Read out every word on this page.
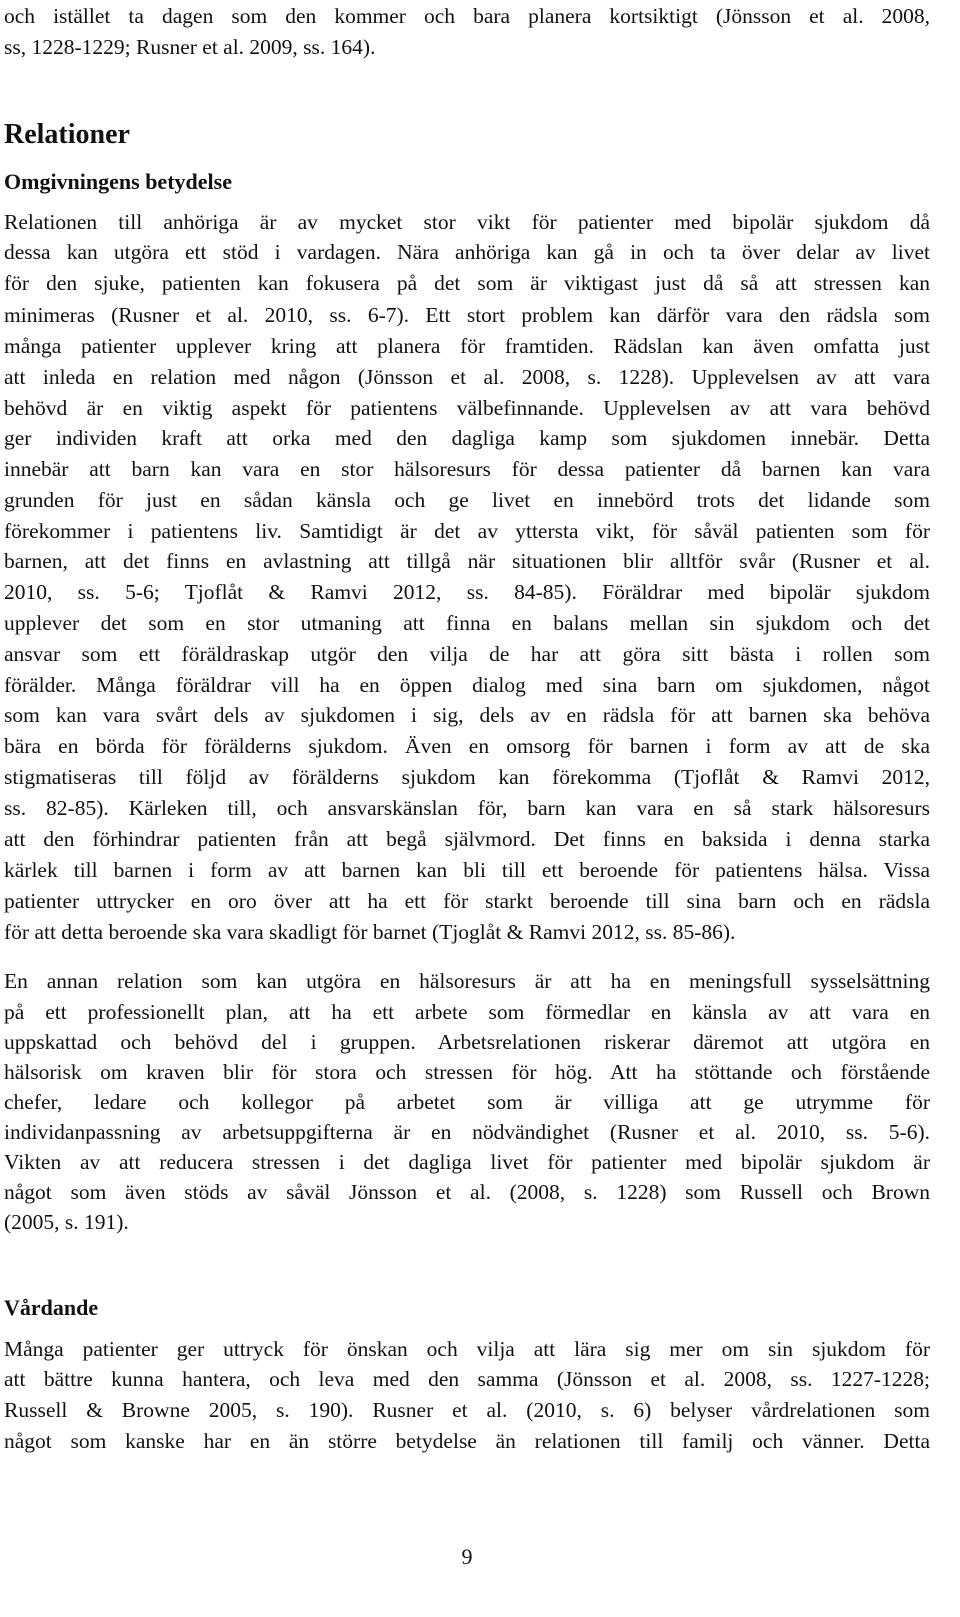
och istället ta dagen som den kommer och bara planera kortsiktigt (Jönsson et al. 2008,

ss, 1228-1229; Rusner et al. 2009, ss. 164).

Relationer
Omgivningens betydelse

Relationen till anhöriga är av mycket stor vikt för patienter med bipolär sjukdom då

dessa kan utgöra ett stöd i vardagen. Nära anhöriga kan gå in och ta över delar av livet

för den sjuke, patienten kan fokusera på det som är viktigast just då så att stressen kan

minimeras (Rusner et al. 2010, ss. 6-7). Ett stort problem kan därför vara den rädsla som

många patienter upplever kring att planera för framtiden. Rädslan kan även omfatta just

att inleda en relation med någon (Jönsson et al. 2008, s. 1228). Upplevelsen av att vara

behövd är en viktig aspekt för patientens välbefinnande. Upplevelsen av att vara behövd

ger individen kraft att orka med den dagliga kamp som sjukdomen innebär. Detta

innebär att barn kan vara en stor hälsoresurs för dessa patienter då barnen kan vara

grunden för just en sådan känsla och ge livet en innebörd trots det lidande som

förekommer i patientens liv. Samtidigt är det av yttersta vikt, för såväl patienten som för

barnen, att det finns en avlastning att tillgå när situationen blir alltför svår (Rusner et al.

2010, ss. 5-6; Tjoflåt & Ramvi 2012, ss. 84-85). Föräldrar med bipolär sjukdom

upplever det som en stor utmaning att finna en balans mellan sin sjukdom och det

ansvar som ett föräldraskap utgör den vilja de har att göra sitt bästa i rollen som

förälder. Många föräldrar vill ha en öppen dialog med sina barn om sjukdomen, något

som kan vara svårt dels av sjukdomen i sig, dels av en rädsla för att barnen ska behöva

bära en börda för förälderns sjukdom. Även en omsorg för barnen i form av att de ska

stigmatiseras till följd av förälderns sjukdom kan förekomma (Tjoflåt & Ramvi 2012,

ss. 82-85). Kärleken till, och ansvarskänslan för, barn kan vara en så stark hälsoresurs

att den förhindrar patienten från att begå självmord. Det finns en baksida i denna starka

kärlek till barnen i form av att barnen kan bli till ett beroende för patientens hälsa. Vissa

patienter uttrycker en oro över att ha ett för starkt beroende till sina barn och en rädsla

för att detta beroende ska vara skadligt för barnet (Tjoglåt & Ramvi 2012, ss. 85-86).

En annan relation som kan utgöra en hälsoresurs är att ha en meningsfull sysselsättning

på ett professionellt plan, att ha ett arbete som förmedlar en känsla av att vara en

uppskattad och behövd del i gruppen. Arbetsrelationen riskerar däremot att utgöra en

hälsorisk om kraven blir för stora och stressen för hög. Att ha stöttande och förstående

chefer, ledare och kollegor på arbetet som är villiga att ge utrymme för

individanpassning av arbetsuppgifterna är en nödvändighet (Rusner et al. 2010, ss. 5-6).

Vikten av att reducera stressen i det dagliga livet för patienter med bipolär sjukdom är

något som även stöds av såväl Jönsson et al. (2008, s. 1228) som Russell och Brown

(2005, s. 191).

Vårdande

Många patienter ger uttryck för önskan och vilja att lära sig mer om sin sjukdom för

att bättre kunna hantera, och leva med den samma (Jönsson et al. 2008, ss. 1227-1228;

Russell & Browne 2005, s. 190). Rusner et al. (2010, s. 6) belyser vårdrelationen som

något som kanske har en än större betydelse än relationen till familj och vänner. Detta

9
